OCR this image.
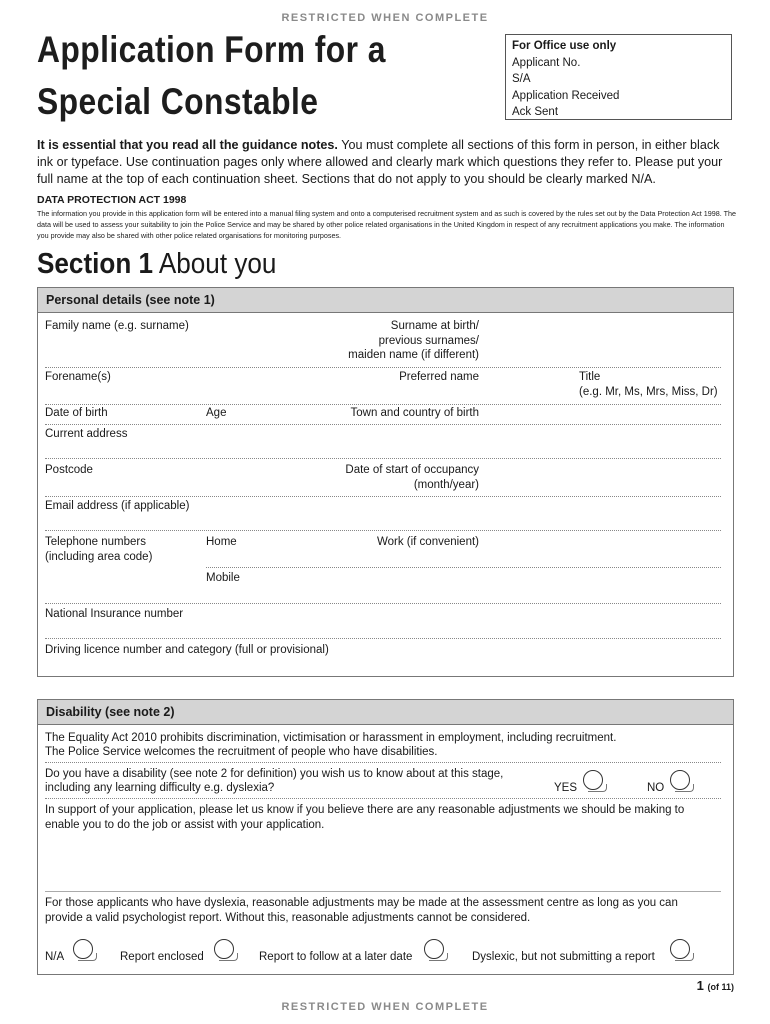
RESTRICTED WHEN COMPLETE
Application Form for a
Special Constable
For Office use only
Applicant No.
S/A
Application Received
Ack Sent
It is essential that you read all the guidance notes. You must complete all sections of this form in person, in either black ink or typeface. Use continuation pages only where allowed and clearly mark which questions they refer to. Please put your full name at the top of each continuation sheet. Sections that do not apply to you should be clearly marked N/A.
DATA PROTECTION ACT 1998
The information you provide in this application form will be entered into a manual filing system and onto a computerised recruitment system and as such is covered by the rules set out by the Data Protection Act 1998. The data will be used to assess your suitability to join the Police Service and may be shared by other police related organisations in the United Kingdom in respect of any recruitment applications you make. The information you provide may also be shared with other police related organisations for monitoring purposes.
Section 1 About you
Personal details (see note 1)
Family name (e.g. surname)	Surname at birth/
previous surnames/
maiden name (if different)
Forename(s)	Preferred name	Title
(e.g. Mr, Ms, Mrs, Miss, Dr)
Date of birth	Age	Town and country of birth
Current address
Postcode	Date of start of occupancy
(month/year)
Email address (if applicable)
Telephone numbers
(including area code)
Home	Work (if convenient)
Mobile
National Insurance number
Driving licence number and category (full or provisional)
Disability (see note 2)
The Equality Act 2010 prohibits discrimination, victimisation or harassment in employment, including recruitment.
The Police Service welcomes the recruitment of people who have disabilities.
Do you have a disability (see note 2 for definition) you wish us to know about at this stage,
including any learning difficulty e.g. dyslexia?	YES	NO
In support of your application, please let us know if you believe there are any reasonable adjustments we should be making to
enable you to do the job or assist with your application.
For those applicants who have dyslexia, reasonable adjustments may be made at the assessment centre as long as you can
provide a valid psychologist report. Without this, reasonable adjustments cannot be considered.
N/A	Report enclosed	Report to follow at a later date	Dyslexic, but not submitting a report
1 (of 11)
RESTRICTED WHEN COMPLETE
